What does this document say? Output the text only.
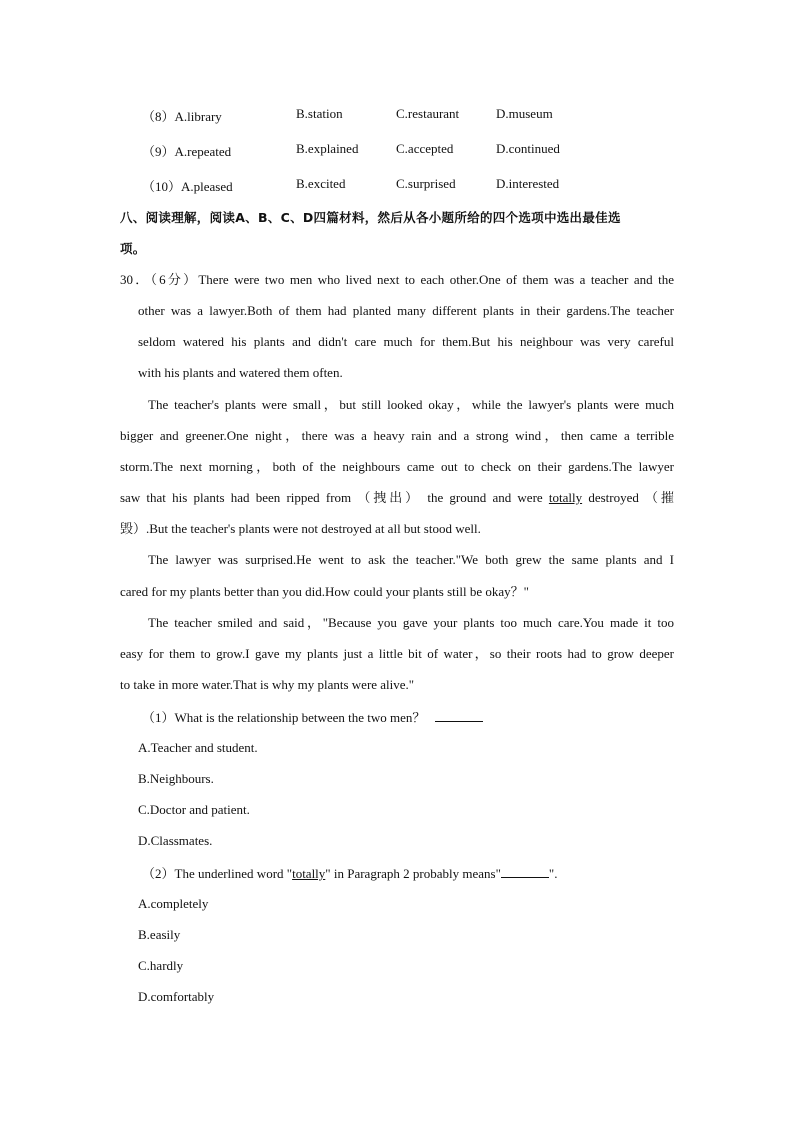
（8）A.library	B.station	C.restaurant	D.museum
（9）A.repeated	B.explained	C.accepted	D.continued
（10）A.pleased	B.excited	C.surprised	D.interested
八、阅读理解，阅读A、B、C、D四篇材料，然后从各小题所给的四个选项中选出最佳选
项。
30．（6分）There were two men who lived next to each other.One of them was a teacher and the
other was a lawyer.Both of them had planted many different plants in their gardens.The teacher
seldom watered his plants and didn't care much for them.But his neighbour was very careful
with his plants and watered them often.
The teacher's plants were small，but still looked okay，while the lawyer's plants were much
bigger and greener.One night，there was a heavy rain and a strong wind，then came a terrible
storm.The next morning，both of the neighbours came out to check on their gardens.The lawyer
saw that his plants had been ripped from （拽出） the ground and were totally destroyed （摧
毁）.But the teacher's plants were not destroyed at all but stood well.
The lawyer was surprised.He went to ask the teacher."We both grew the same plants and I
cared for my plants better than you did.How could your plants still be okay？"
The teacher smiled and said，"Because you gave your plants too much care.You made it too
easy for them to grow.I gave my plants just a little bit of water，so their roots had to grow deeper
to take in more water.That is why my plants were alive."
（1）What is the relationship between the two men？
A.Teacher and student.
B.Neighbours.
C.Doctor and patient.
D.Classmates.
（2）The underlined word "totally" in Paragraph 2 probably means"	".
A.completely
B.easily
C.hardly
D.comfortably
